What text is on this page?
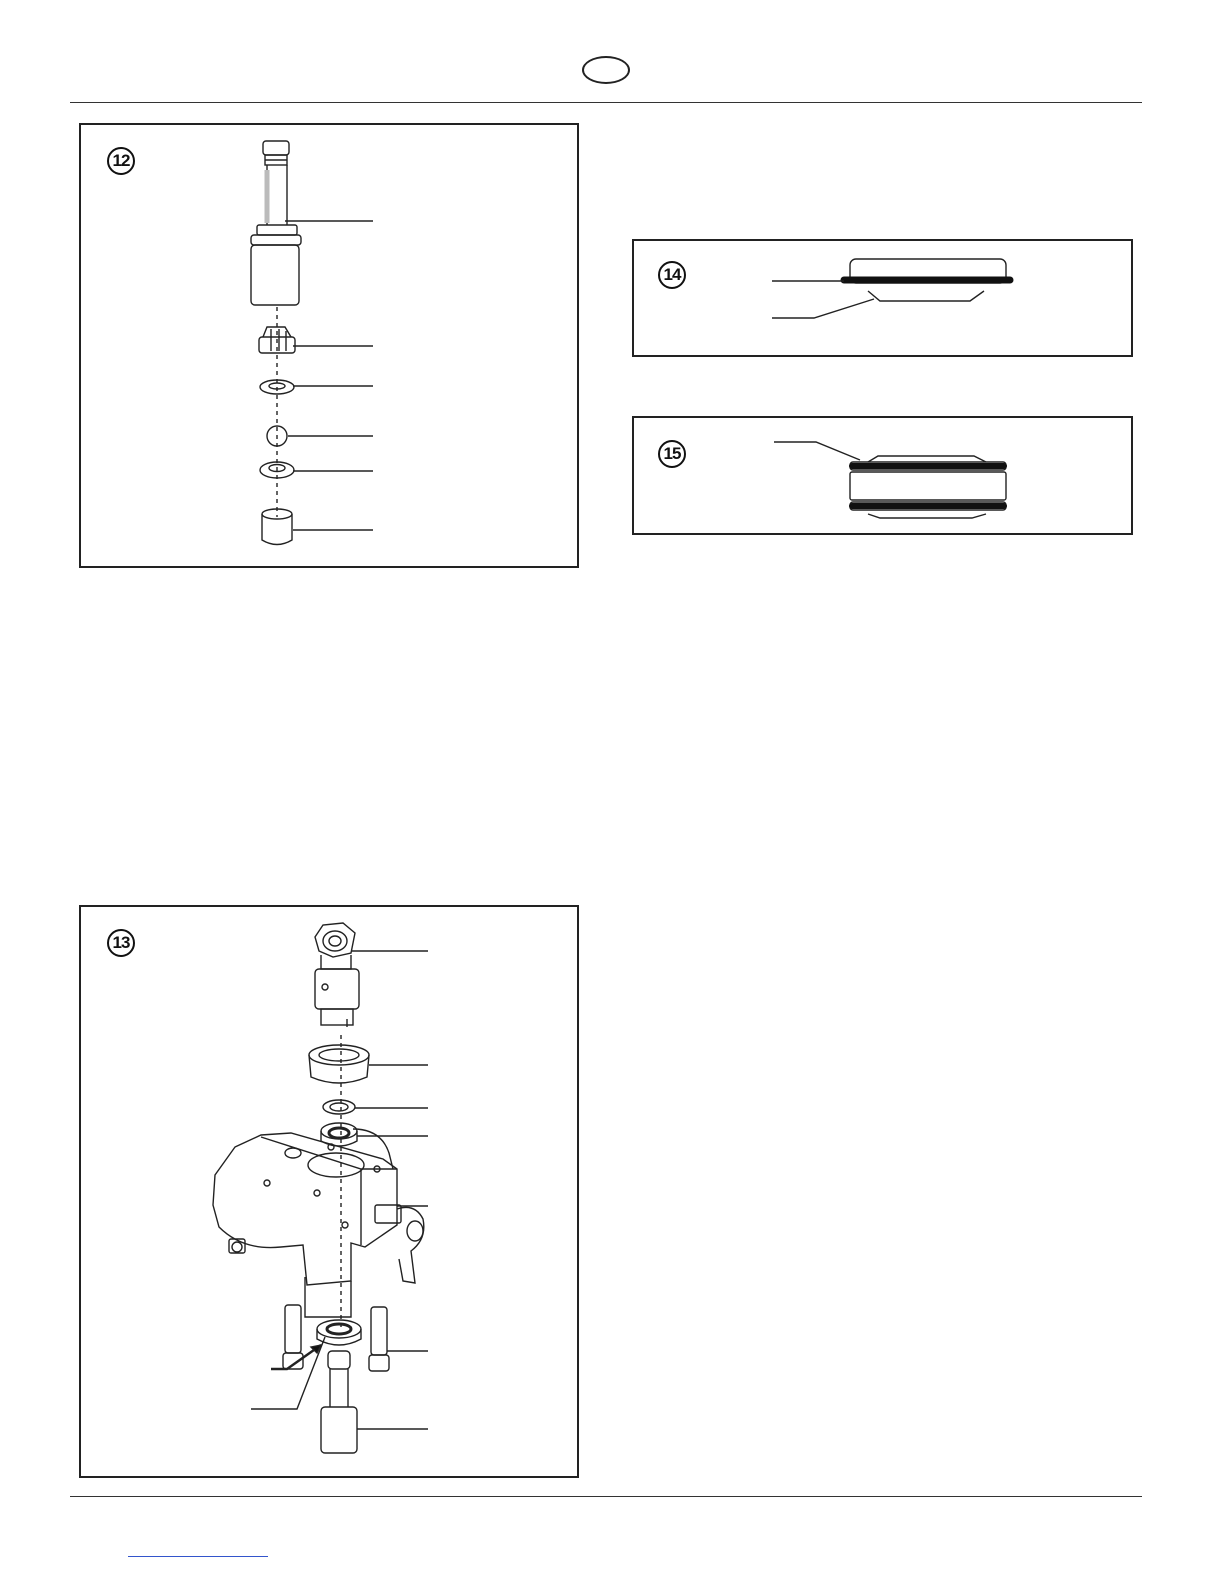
12
14
15
13
